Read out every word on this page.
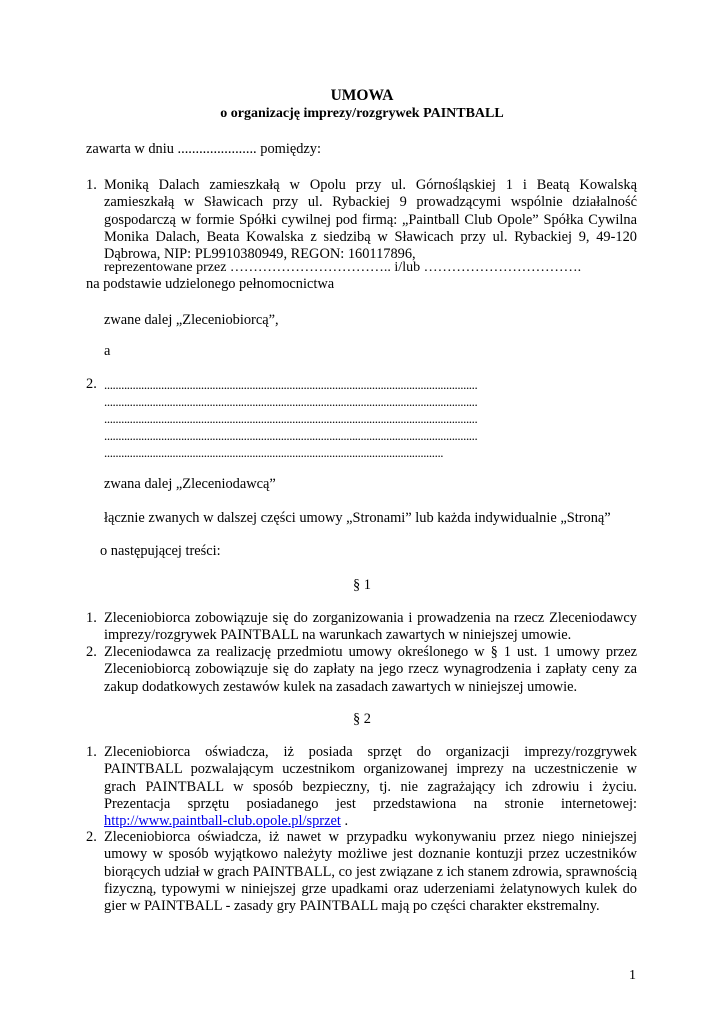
UMOWA
o organizację imprezy/rozgrywek PAINTBALL
zawarta w dniu ...................... pomiędzy:
1. Moniką Dalach zamieszkałą w Opolu przy ul. Górnośląskiej 1 i Beatą Kowalską zamieszkałą w Sławicach przy ul. Rybackiej 9 prowadzącymi wspólnie działalność gospodarczą w formie Spółki cywilnej pod firmą: „Paintball Club Opole” Spółka Cywilna Monika Dalach, Beata Kowalska z siedzibą w Sławicach przy ul. Rybackiej 9, 49-120 Dąbrowa, NIP: PL9910380949, REGON: 160117896,
reprezentowane przez …………………………….. i/lub …………………………….
na podstawie udzielonego pełnomocnictwa
zwane dalej „Zleceniobiorcą”,
a
2. ...................................................................................................................................
...................................................................................................................................
...................................................................................................................................
...................................................................................................................................
.......................................................................................................................
zwana dalej „Zleceniodawcą”
łącznie zwanych w dalszej części umowy „Stronami” lub każda indywidualnie „Stroną”
o następującej treści:
§ 1
1. Zleceniobiorca zobowiązuje się do zorganizowania i prowadzenia na rzecz Zleceniodawcy imprezy/rozgrywek PAINTBALL na warunkach zawartych w niniejszej umowie.
2. Zleceniodawca za realizację przedmiotu umowy określonego w § 1 ust. 1 umowy przez Zleceniobiorcą zobowiązuje się do zapłaty na jego rzecz wynagrodzenia i zapłaty ceny za zakup dodatkowych zestawów kulek na zasadach zawartych w niniejszej umowie.
§ 2
1. Zleceniobiorca oświadcza, iż posiada sprzęt do organizacji imprezy/rozgrywek PAINTBALL pozwalającym uczestnikom organizowanej imprezy na uczestniczenie w grach PAINTBALL w sposób bezpieczny, tj. nie zagrażający ich zdrowiu i życiu. Prezentacja sprzętu posiadanego jest przedstawiona na stronie internetowej: http://www.paintball-club.opole.pl/sprzet .
2. Zleceniobiorca oświadcza, iż nawet w przypadku wykonywaniu przez niego niniejszej umowy w sposób wyjątkowo należyty możliwe jest doznanie kontuzji przez uczestników biorących udział w grach PAINTBALL, co jest związane z ich stanem zdrowia, sprawnością fizyczną, typowymi w niniejszej grze upadkami oraz uderzeniami żelatynowych kulek do gier w PAINTBALL - zasady gry PAINTBALL mają po części charakter ekstremalny.
1
